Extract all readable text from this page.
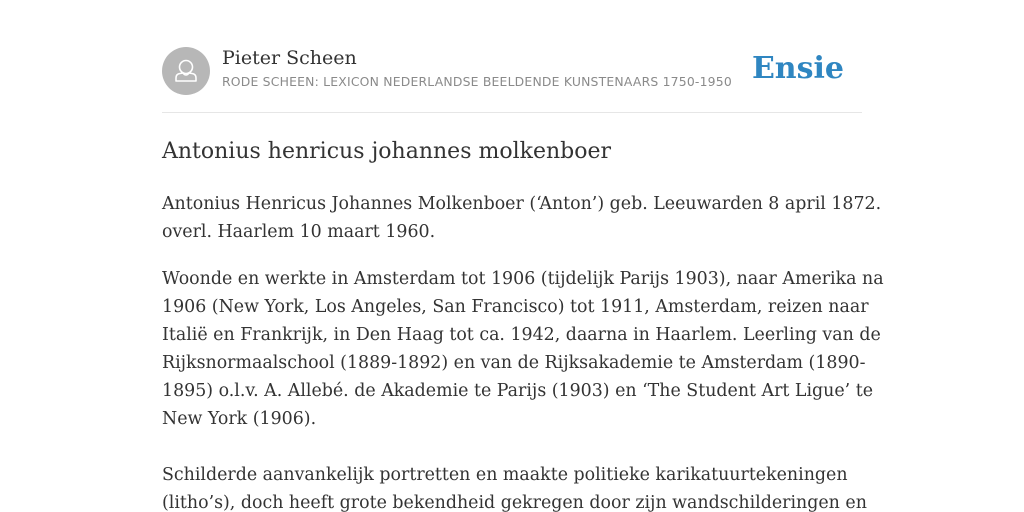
Pieter Scheen
RODE SCHEEN: LEXICON NEDERLANDSE BEELDENDE KUNSTENAARS 1750-1950 Ensie
Antonius henricus johannes molkenboer

Antonius Henricus Johannes Molkenboer (‘Anton’) geb. Leeuwarden 8 april 1872.
overl. Haarlem 10 maart 1960.

Woonde en werkte in Amsterdam tot 1906 (tijdelijk Parijs 1903), naar Amerika na
1906 (New York, Los Angeles, San Francisco) tot 1911, Amsterdam, reizen naar
Italië en Frankrijk, in Den Haag tot ca. 1942, daarna in Haarlem. Leerling van de
Rijksnormaalschool (1889-1892) en van de Rijksakademie te Amsterdam (1890-
1895) o.l.v. A. Allebé. de Akademie te Parijs (1903) en ‘The Student Art Ligue’ te
New York (1906).

Schilderde aanvankelijk portretten en maakte politieke karikatuurtekeningen
(litho’s), doch heeft grote bekendheid gekregen door zijn wandschilderingen en
